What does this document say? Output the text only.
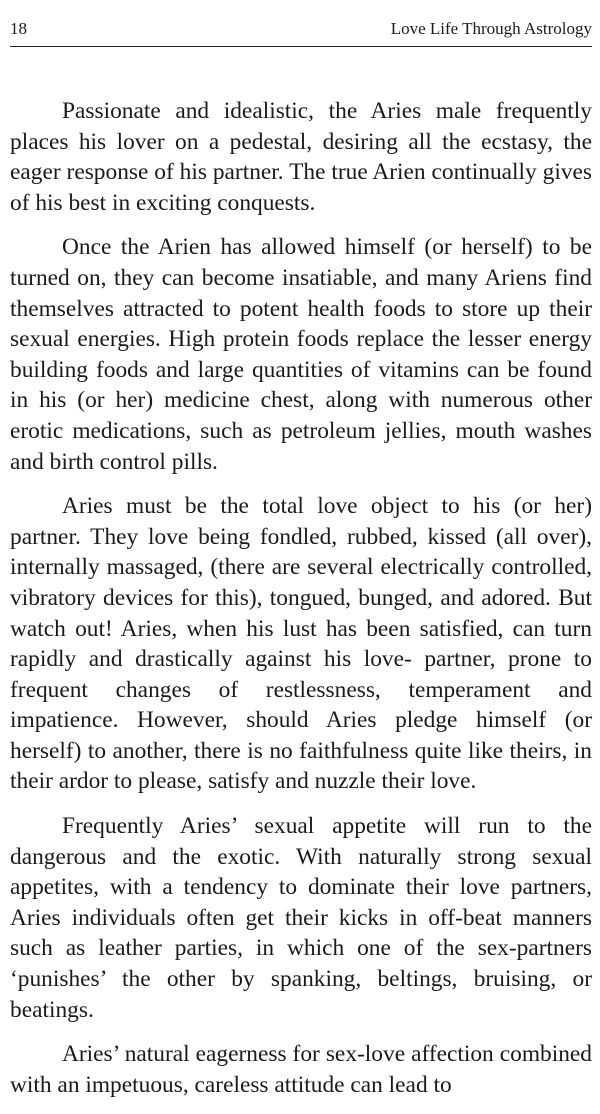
18	Love Life Through Astrology

Passionate and idealistic, the Aries male frequently places his lover on a pedestal, desiring all the ecstasy, the eager response of his partner. The true Arien continually gives of his best in exciting conquests.

Once the Arien has allowed himself (or herself) to be turned on, they can become insatiable, and many Ariens find themselves attracted to potent health foods to store up their sexual energies. High protein foods replace the lesser energy building foods and large quantities of vitamins can be found in his (or her) medicine chest, along with numerous other erotic medications, such as petroleum jellies, mouth washes and birth control pills.

Aries must be the total love object to his (or her) partner. They love being fondled, rubbed, kissed (all over), internally massaged, (there are several electrically controlled, vibratory devices for this), tongued, bunged, and adored. But watch out! Aries, when his lust has been satisfied, can turn rapidly and drastically against his love- partner, prone to frequent changes of restlessness, temperament and impatience. However, should Aries pledge himself (or herself) to another, there is no faithfulness quite like theirs, in their ardor to please, satisfy and nuzzle their love.

Frequently Aries’ sexual appetite will run to the dangerous and the exotic. With naturally strong sexual appetites, with a tendency to dominate their love partners, Aries individuals often get their kicks in off-beat manners such as leather parties, in which one of the sex-partners ‘punishes’ the other by spanking, beltings, bruising, or beatings.

Aries’ natural eagerness for sex-love affection combined with an impetuous, careless attitude can lead to
